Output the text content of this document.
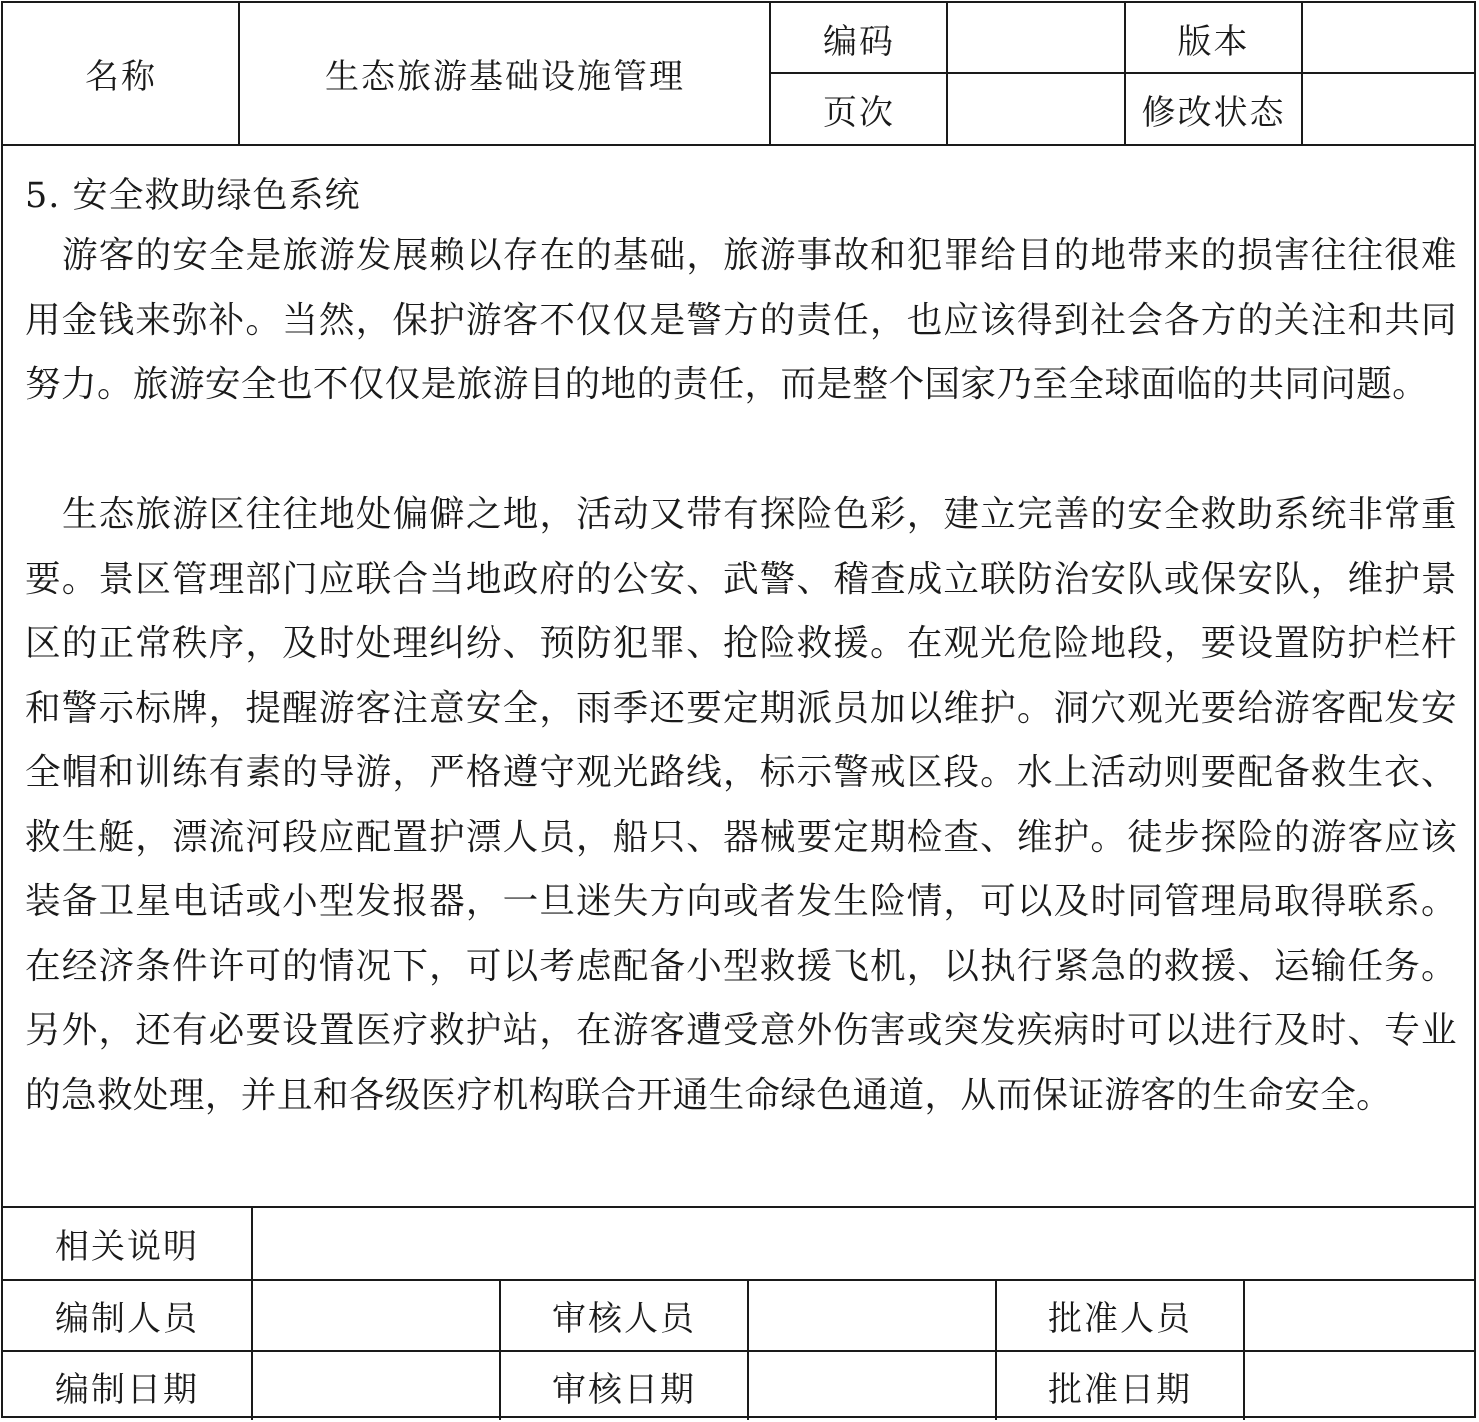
名称	生态旅游基础设施管理
编码	版本
页次	修改状态
5. 安全救助绿色系统
游客的安全是旅游发展赖以存在的基础，旅游事故和犯罪给目的地带来的损害往往很难用金钱来弥补。当然，保护游客不仅仅是警方的责任，也应该得到社会各方的关注和共同努力。旅游安全也不仅仅是旅游目的地的责任，而是整个国家乃至全球面临的共同问题。
生态旅游区往往地处偏僻之地，活动又带有探险色彩，建立完善的安全救助系统非常重要。景区管理部门应联合当地政府的公安、武警、稽查成立联防治安队或保安队，维护景区的正常秩序，及时处理纠纷、预防犯罪、抢险救援。在观光危险地段，要设置防护栏杆和警示标牌，提醒游客注意安全，雨季还要定期派员加以维护。洞穴观光要给游客配发安全帽和训练有素的导游，严格遵守观光路线，标示警戒区段。水上活动则要配备救生衣、救生艇，漂流河段应配置护漂人员，船只、器械要定期检查、维护。徒步探险的游客应该装备卫星电话或小型发报器，一旦迷失方向或者发生险情，可以及时同管理局取得联系。在经济条件许可的情况下，可以考虑配备小型救援飞机，以执行紧急的救援、运输任务。另外，还有必要设置医疗救护站，在游客遭受意外伤害或突发疾病时可以进行及时、专业的急救处理，并且和各级医疗机构联合开通生命绿色通道，从而保证游客的生命安全。
相关说明
编制人员	审核人员	批准人员
编制日期	审核日期	批准日期
